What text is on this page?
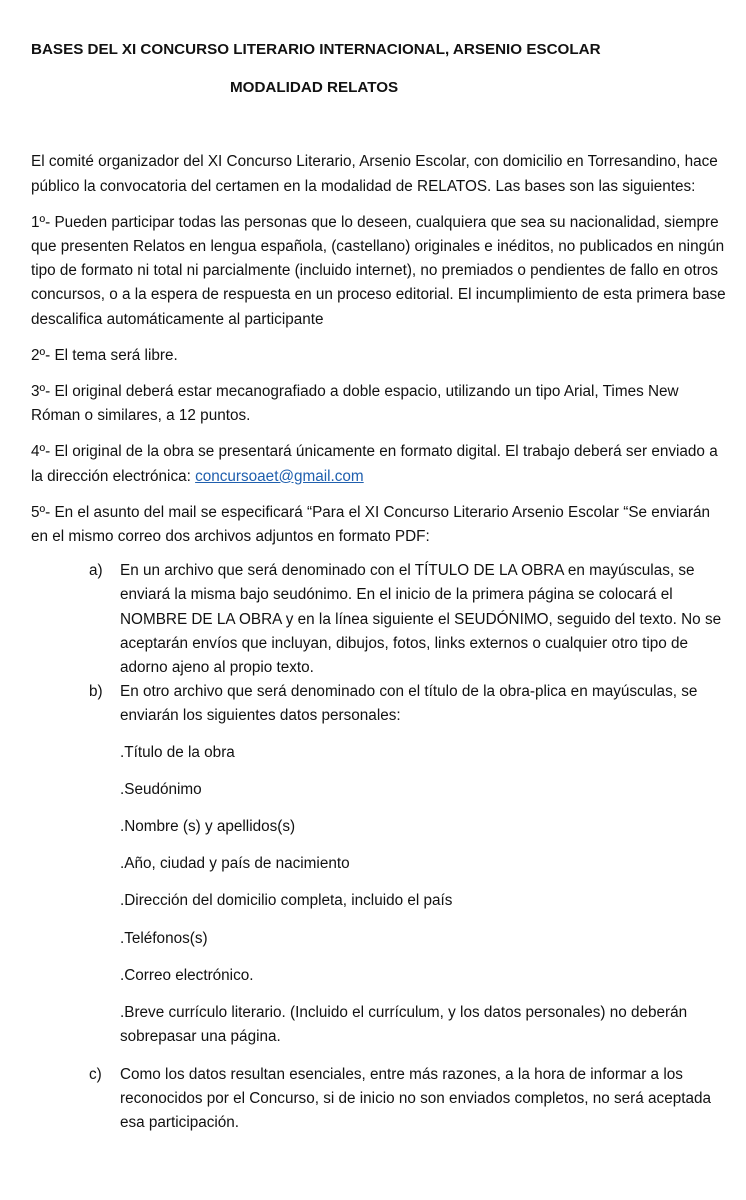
BASES DEL XI CONCURSO LITERARIO INTERNACIONAL, ARSENIO ESCOLAR

MODALIDAD RELATOS

El comité organizador del XI Concurso Literario, Arsenio Escolar, con domicilio en Torresandino, hace público la convocatoria del certamen en la modalidad de RELATOS. Las bases son las siguientes:

1º- Pueden participar todas las personas que lo deseen, cualquiera que sea su nacionalidad, siempre que presenten Relatos en lengua española, (castellano) originales e inéditos, no publicados en ningún tipo de formato ni total ni parcialmente (incluido internet), no premiados o pendientes de fallo en otros concursos, o a la espera de respuesta en un proceso editorial. El incumplimiento de esta primera base descalifica automáticamente al participante

2º- El tema será libre.

3º- El original deberá estar mecanografiado a doble espacio, utilizando un tipo Arial, Times New Róman o similares, a 12 puntos.

4º- El original de la obra se presentará únicamente en formato digital. El trabajo deberá ser enviado a la dirección electrónica: concursoaet@gmail.com

5º- En el asunto del mail se especificará “Para el XI Concurso Literario Arsenio Escolar “Se enviarán en el mismo correo dos archivos adjuntos en formato PDF:

a)	En un archivo que será denominado con el TÍTULO DE LA OBRA en mayúsculas, se enviará la misma bajo seudónimo. En el inicio de la primera página se colocará el NOMBRE DE LA OBRA y en la línea siguiente el SEUDÓNIMO, seguido del texto. No se aceptarán envíos que incluyan, dibujos, fotos, links externos o cualquier otro tipo de adorno ajeno al propio texto.
b)	En otro archivo que será denominado con el título de la obra-plica en mayúsculas, se enviarán los siguientes datos personales:
.Título de la obra
.Seudónimo
.Nombre (s) y apellidos(s)
.Año, ciudad y país de nacimiento
.Dirección del domicilio completa, incluido el país
.Teléfonos(s)
.Correo electrónico.
.Breve currículo literario. (Incluido el currículum, y los datos personales) no deberán sobrepasar una página.
c)	Como los datos resultan esenciales, entre más razones, a la hora de informar a los reconocidos por el Concurso, si de inicio no son enviados completos, no será aceptada esa participación.
